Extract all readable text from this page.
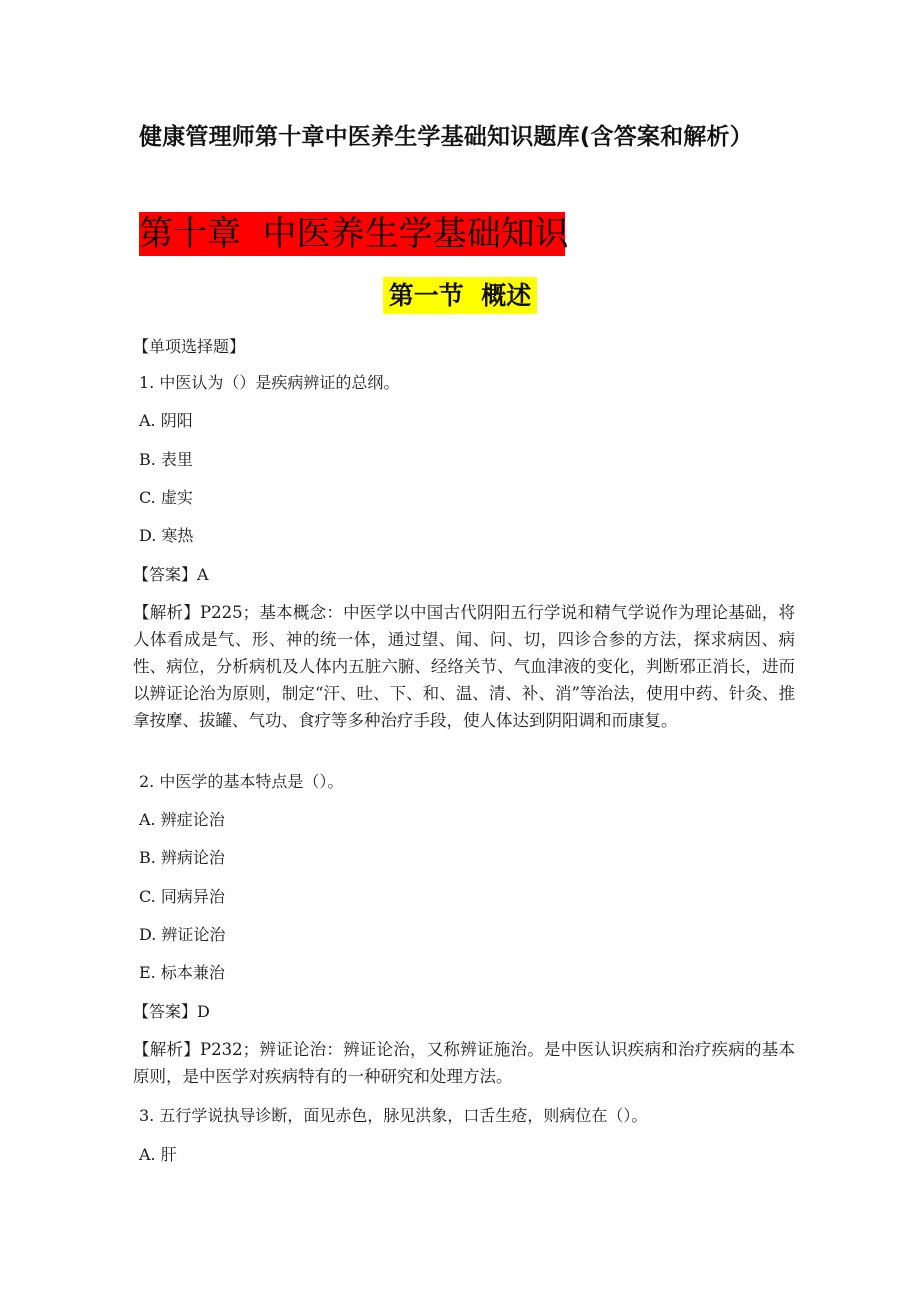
健康管理师第十章中医养生学基础知识题库(含答案和解析）
第十章  中医养生学基础知识
第一节  概述
【单项选择题】
1. 中医认为（）是疾病辨证的总纲。
A. 阴阳
B. 表里
C. 虚实
D. 寒热
【答案】A
【解析】P225；基本概念：中医学以中国古代阴阳五行学说和精气学说作为理论基础，将人体看成是气、形、神的统一体，通过望、闻、问、切，四诊合参的方法，探求病因、病性、病位，分析病机及人体内五脏六腑、经络关节、气血津液的变化，判断邪正消长，进而以辨证论治为原则，制定“汗、吐、下、和、温、清、补、消”等治法，使用中药、针灸、推拿按摩、拔罐、气功、食疗等多种治疗手段，使人体达到阴阳调和而康复。
2. 中医学的基本特点是（）。
A. 辨症论治
B. 辨病论治
C. 同病异治
D. 辨证论治
E. 标本兼治
【答案】D
【解析】P232；辨证论治：辨证论治，又称辨证施治。是中医认识疾病和治疗疾病的基本原则，是中医学对疾病特有的一种研究和处理方法。
3. 五行学说执导诊断，面见赤色，脉见洪象，口舌生疮，则病位在（）。
A. 肝
